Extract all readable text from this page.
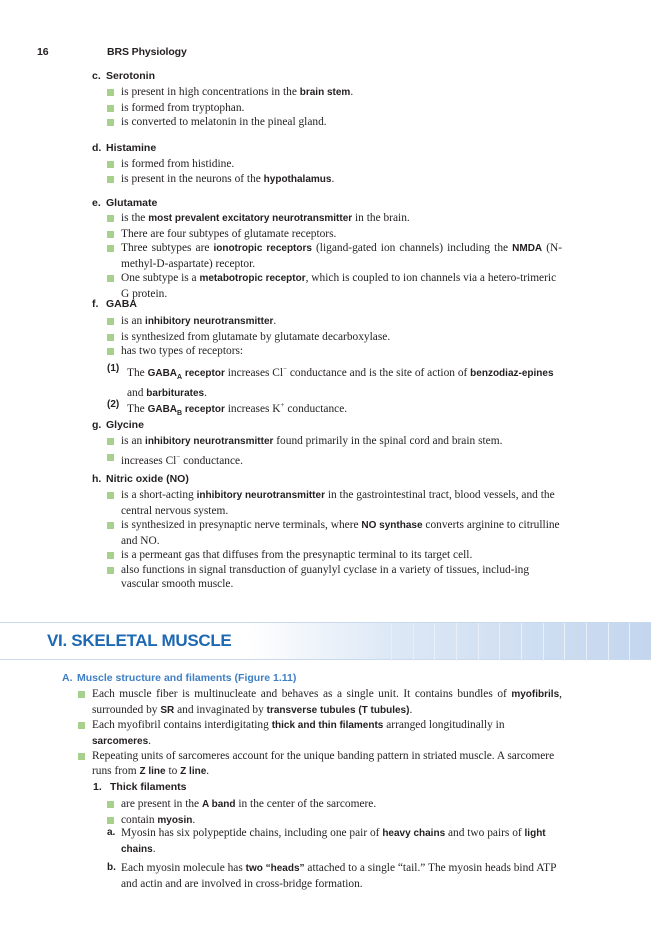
16	BRS Physiology
c. Serotonin
is present in high concentrations in the brain stem.
is formed from tryptophan.
is converted to melatonin in the pineal gland.
d. Histamine
is formed from histidine.
is present in the neurons of the hypothalamus.
e. Glutamate
is the most prevalent excitatory neurotransmitter in the brain.
There are four subtypes of glutamate receptors.
Three subtypes are ionotropic receptors (ligand-gated ion channels) including the NMDA (N-methyl-D-aspartate) receptor.
One subtype is a metabotropic receptor, which is coupled to ion channels via a hetero-trimeric G protein.
f. GABA
is an inhibitory neurotransmitter.
is synthesized from glutamate by glutamate decarboxylase.
has two types of receptors:
(1) The $GABA_A$ receptor increases Cl− conductance and is the site of action of benzodiaz-epines and barbiturates.
(2) The $GABA_B$ receptor increases K+ conductance.
g. Glycine
is an inhibitory neurotransmitter found primarily in the spinal cord and brain stem.
increases Cl− conductance.
h. Nitric oxide (NO)
is a short-acting inhibitory neurotransmitter in the gastrointestinal tract, blood vessels, and the central nervous system.
is synthesized in presynaptic nerve terminals, where NO synthase converts arginine to citrulline and NO.
is a permeant gas that diffuses from the presynaptic terminal to its target cell.
also functions in signal transduction of guanylyl cyclase in a variety of tissues, includ-ing vascular smooth muscle.
VI. SKELETAL MUSCLE
A. Muscle structure and filaments (Figure 1.11)
Each muscle fiber is multinucleate and behaves as a single unit. It contains bundles of myofibrils, surrounded by SR and invaginated by transverse tubules (T tubules).
Each myofibril contains interdigitating thick and thin filaments arranged longitudinally in sarcomeres.
Repeating units of sarcomeres account for the unique banding pattern in striated muscle. A sarcomere runs from Z line to Z line.
1. Thick filaments
are present in the A band in the center of the sarcomere.
contain myosin.
a. Myosin has six polypeptide chains, including one pair of heavy chains and two pairs of light chains.
b. Each myosin molecule has two “heads” attached to a single “tail.” The myosin heads bind ATP and actin and are involved in cross-bridge formation.
